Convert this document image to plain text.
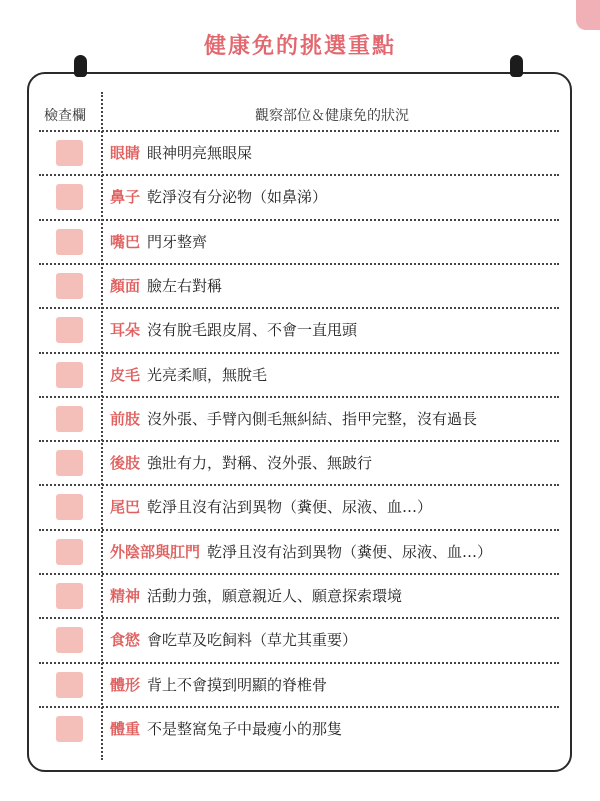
健康免的挑選重點
檢查欄	觀察部位＆健康免的狀況
眼睛 眼神明亮無眼屎
鼻子 乾淨沒有分泌物（如鼻涕）
嘴巴 門牙整齊
顏面 臉左右對稱
耳朵 沒有脫毛跟皮屑、不會一直甩頭
皮毛 光亮柔順，無脫毛
前肢 沒外張、手臂內側毛無糾結、指甲完整，沒有過長
後肢 強壯有力，對稱、沒外張、無跛行
尾巴 乾淨且沒有沾到異物（糞便、尿液、血…）
外陰部與肛門 乾淨且沒有沾到異物（糞便、尿液、血…）
精神 活動力強，願意親近人、願意探索環境
食慾 會吃草及吃飼料（草尤其重要）
體形 背上不會摸到明顯的脊椎骨
體重 不是整窩兔子中最瘦小的那隻
